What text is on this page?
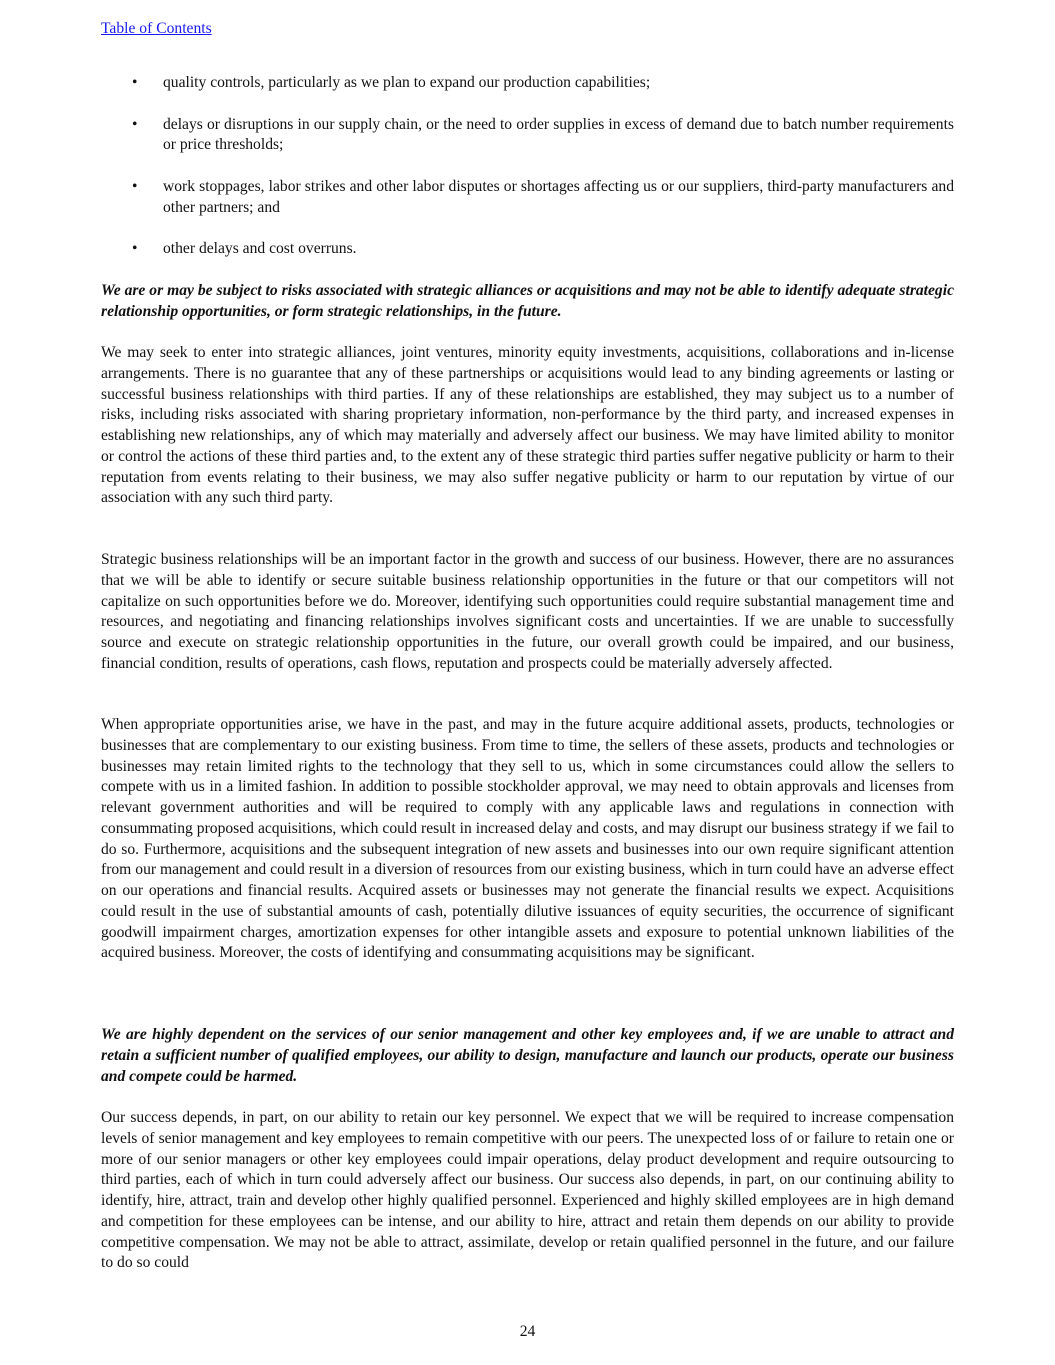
Table of Contents
• quality controls, particularly as we plan to expand our production capabilities;
• delays or disruptions in our supply chain, or the need to order supplies in excess of demand due to batch number requirements or price thresholds;
• work stoppages, labor strikes and other labor disputes or shortages affecting us or our suppliers, third-party manufacturers and other partners; and
• other delays and cost overruns.

We are or may be subject to risks associated with strategic alliances or acquisitions and may not be able to identify adequate strategic relationship opportunities, or form strategic relationships, in the future.

We may seek to enter into strategic alliances, joint ventures, minority equity investments, acquisitions, collaborations and in-license arrangements. There is no guarantee that any of these partnerships or acquisitions would lead to any binding agreements or lasting or successful business relationships with third parties. If any of these relationships are established, they may subject us to a number of risks, including risks associated with sharing proprietary information, non-performance by the third party, and increased expenses in establishing new relationships, any of which may materially and adversely affect our business. We may have limited ability to monitor or control the actions of these third parties and, to the extent any of these strategic third parties suffer negative publicity or harm to their reputation from events relating to their business, we may also suffer negative publicity or harm to our reputation by virtue of our association with any such third party.

Strategic business relationships will be an important factor in the growth and success of our business. However, there are no assurances that we will be able to identify or secure suitable business relationship opportunities in the future or that our competitors will not capitalize on such opportunities before we do. Moreover, identifying such opportunities could require substantial management time and resources, and negotiating and financing relationships involves significant costs and uncertainties. If we are unable to successfully source and execute on strategic relationship opportunities in the future, our overall growth could be impaired, and our business, financial condition, results of operations, cash flows, reputation and prospects could be materially adversely affected.

When appropriate opportunities arise, we have in the past, and may in the future acquire additional assets, products, technologies or businesses that are complementary to our existing business. From time to time, the sellers of these assets, products and technologies or businesses may retain limited rights to the technology that they sell to us, which in some circumstances could allow the sellers to compete with us in a limited fashion. In addition to possible stockholder approval, we may need to obtain approvals and licenses from relevant government authorities and will be required to comply with any applicable laws and regulations in connection with consummating proposed acquisitions, which could result in increased delay and costs, and may disrupt our business strategy if we fail to do so. Furthermore, acquisitions and the subsequent integration of new assets and businesses into our own require significant attention from our management and could result in a diversion of resources from our existing business, which in turn could have an adverse effect on our operations and financial results. Acquired assets or businesses may not generate the financial results we expect. Acquisitions could result in the use of substantial amounts of cash, potentially dilutive issuances of equity securities, the occurrence of significant goodwill impairment charges, amortization expenses for other intangible assets and exposure to potential unknown liabilities of the acquired business. Moreover, the costs of identifying and consummating acquisitions may be significant.

We are highly dependent on the services of our senior management and other key employees and, if we are unable to attract and retain a sufficient number of qualified employees, our ability to design, manufacture and launch our products, operate our business and compete could be harmed.

Our success depends, in part, on our ability to retain our key personnel. We expect that we will be required to increase compensation levels of senior management and key employees to remain competitive with our peers. The unexpected loss of or failure to retain one or more of our senior managers or other key employees could impair operations, delay product development and require outsourcing to third parties, each of which in turn could adversely affect our business. Our success also depends, in part, on our continuing ability to identify, hire, attract, train and develop other highly qualified personnel. Experienced and highly skilled employees are in high demand and competition for these employees can be intense, and our ability to hire, attract and retain them depends on our ability to provide competitive compensation. We may not be able to attract, assimilate, develop or retain qualified personnel in the future, and our failure to do so could

24
